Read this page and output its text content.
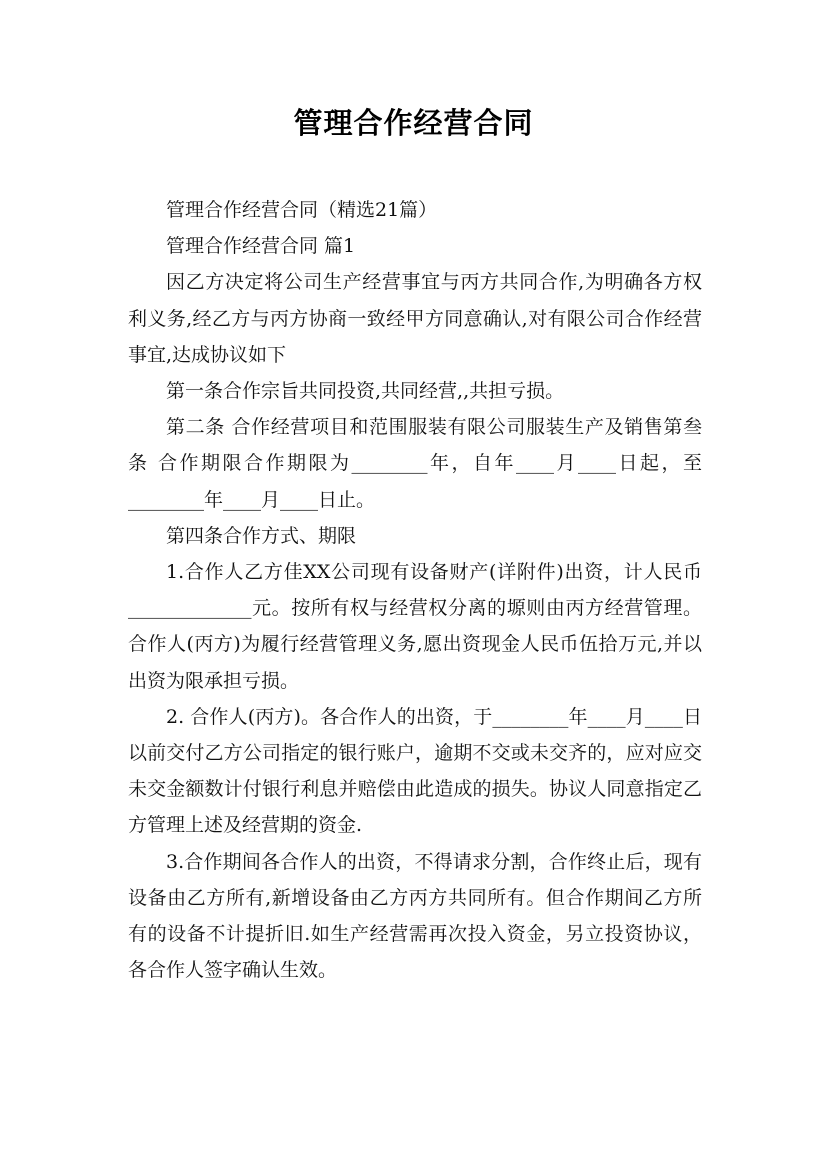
管理合作经营合同

管理合作经营合同（精选21篇）

管理合作经营合同 篇1

因乙方决定将公司生产经营事宜与丙方共同合作,为明确各方权利义务,经乙方与丙方协商一致经甲方同意确认,对有限公司合作经营事宜,达成协议如下

第一条合作宗旨共同投资,共同经营,,共担亏损。

第二条 合作经营项目和范围服装有限公司服装生产及销售第叁条 合作期限合作期限为________年，自年____月____日起，至________年____月____日止。

第四条合作方式、期限

1.合作人乙方佳XX公司现有设备财产(详附件)出资，计人民币_____________元。按所有权与经营权分离的塬则由丙方经营管理。合作人(丙方)为履行经营管理义务,愿出资现金人民币伍拾万元,并以出资为限承担亏损。

2. 合作人(丙方)。各合作人的出资，于________年____月____日以前交付乙方公司指定的银行账户，逾期不交或未交齐的，应对应交未交金额数计付银行利息并赔偿由此造成的损失。协议人同意指定乙方管理上述及经营期的资金.

3.合作期间各合作人的出资，不得请求分割，合作终止后，现有设备由乙方所有,新增设备由乙方丙方共同所有。但合作期间乙方所有的设备不计提折旧.如生产经营需再次投入资金，另立投资协议，各合作人签字确认生效。
